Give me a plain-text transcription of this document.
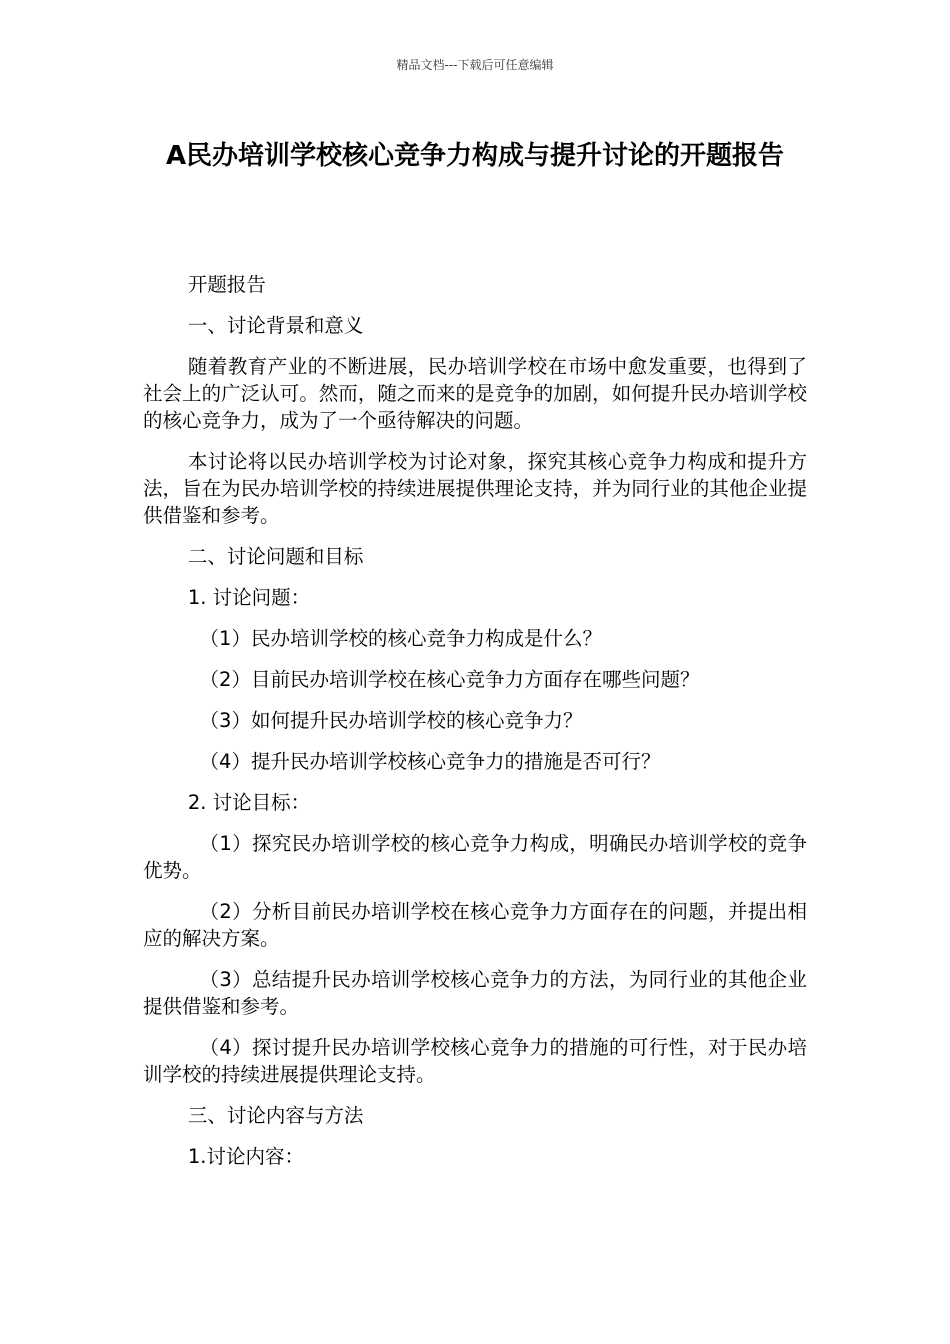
精品文档---下载后可任意编辑
A民办培训学校核心竞争力构成与提升讨论的开题报告

开题报告

一、讨论背景和意义

随着教育产业的不断进展，民办培训学校在市场中愈发重要，也得到了社会上的广泛认可。然而，随之而来的是竞争的加剧，如何提升民办培训学校的核心竞争力，成为了一个亟待解决的问题。

本讨论将以民办培训学校为讨论对象，探究其核心竞争力构成和提升方法，旨在为民办培训学校的持续进展提供理论支持，并为同行业的其他企业提供借鉴和参考。

二、讨论问题和目标

1. 讨论问题：

（1）民办培训学校的核心竞争力构成是什么？

（2）目前民办培训学校在核心竞争力方面存在哪些问题？

（3）如何提升民办培训学校的核心竞争力？

（4）提升民办培训学校核心竞争力的措施是否可行？

2. 讨论目标：

（1）探究民办培训学校的核心竞争力构成，明确民办培训学校的竞争优势。

（2）分析目前民办培训学校在核心竞争力方面存在的问题，并提出相应的解决方案。

（3）总结提升民办培训学校核心竞争力的方法，为同行业的其他企业提供借鉴和参考。

（4）探讨提升民办培训学校核心竞争力的措施的可行性，对于民办培训学校的持续进展提供理论支持。

三、讨论内容与方法

1.讨论内容：
